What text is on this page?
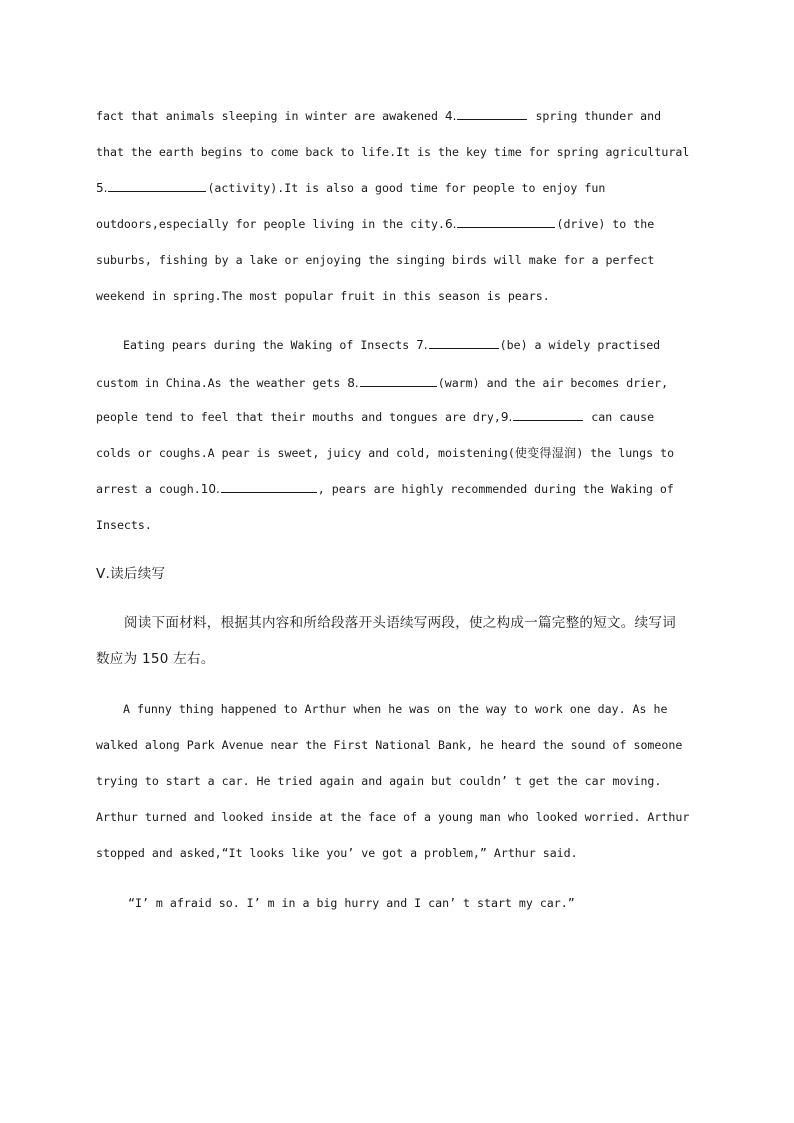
fact that animals sleeping in winter are awakened 4.	spring thunder and
that the earth begins to come back to life.It is the key time for spring agricultural
5.	(activity).It is also a good time for people to enjoy fun
outdoors,especially for people living in the city.6.	(drive) to the
suburbs, fishing by a lake or enjoying the singing birds will make for a perfect
weekend in spring.The most popular fruit in this season is pears.
Eating pears during the Waking of Insects 7.	(be) a widely practised
custom in China.As the weather gets 8.	(warm) and the air becomes drier,
people tend to feel that their mouths and tongues are dry,9.	can cause
colds or coughs.A pear is sweet, juicy and cold, moistening(使变得湿润) the lungs to
arrest a cough.10.	, pears are highly recommended during the Waking of
Insects.
Ⅴ.读后续写
阅读下面材料，根据其内容和所给段落开头语续写两段，使之构成一篇完整的短文。续写词
数应为 150 左右。
A funny thing happened to Arthur when he was on the way to work one day. As he
walked along Park Avenue near the First National Bank, he heard the sound of someone
trying to start a car. He tried again and again but couldn’ t get the car moving.
Arthur turned and looked inside at the face of a young man who looked worried. Arthur
stopped and asked,“It looks like you’ ve got a problem,” Arthur said.
“I’ m afraid so. I’ m in a big hurry and I can’ t start my car.”
